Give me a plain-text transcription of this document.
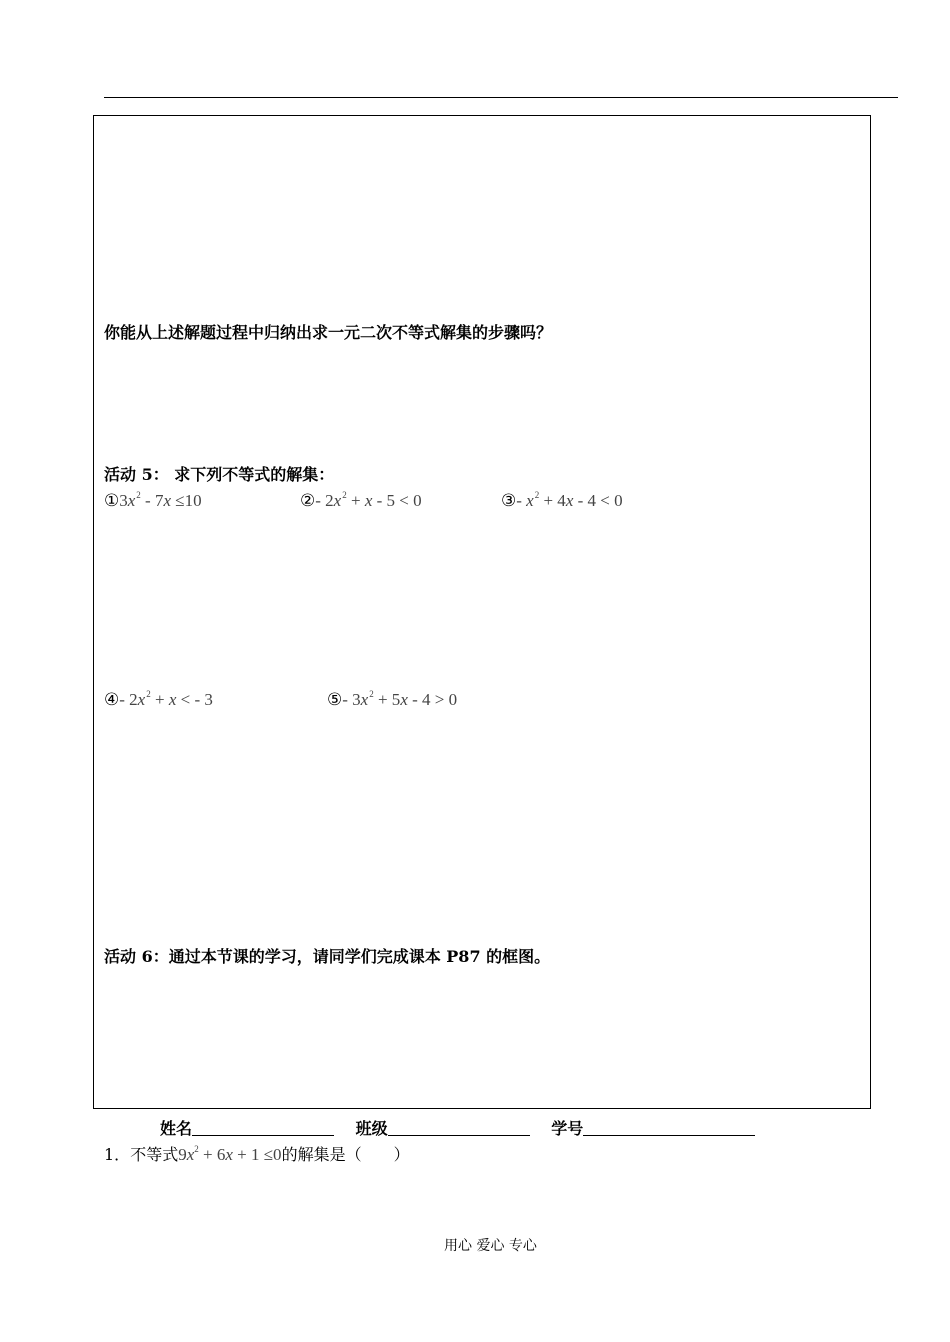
你能从上述解题过程中归纳出求一元二次不等式解集的步骤吗？
活动 5： 求下列不等式的解集：
$①3x^2 - 7x \le 10$	②- $2x^2 + x - 5 < 0$	③- $x^2 + 4x - 4 < 0$
④- $2x^2 + x$ < - 3	⑤- $3x^2 + 5x - 4 > 0$
活动 6：通过本节课的学习，请同学们完成课本 P87 的框图。
姓名	班级	学号
1．不等式$9x^2 + 6x + 1 \le 0$的解集是（　　）
用心 爱心 专心
